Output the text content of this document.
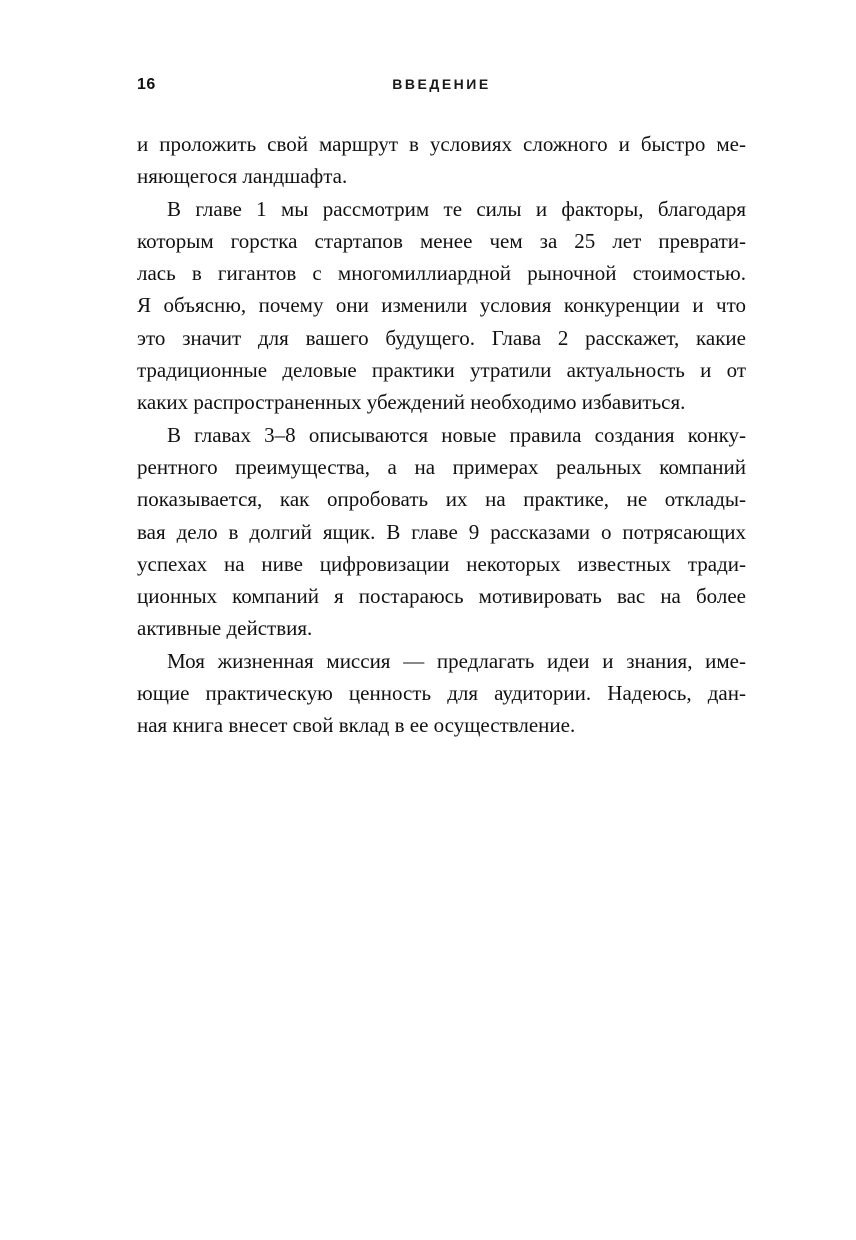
16	ВВЕДЕНИЕ
и проложить свой маршрут в условиях сложного и быстро ме-
няющегося ландшафта.
В главе 1 мы рассмотрим те силы и факторы, благодаря
которым горстка стартапов менее чем за 25 лет преврати-
лась в гигантов с многомиллиардной рыночной стоимостью.
Я объясню, почему они изменили условия конкуренции и что
это значит для вашего будущего. Глава 2 расскажет, какие
традиционные деловые практики утратили актуальность и от
каких распространенных убеждений необходимо избавиться.
В главах 3–8 описываются новые правила создания конку-
рентного преимущества, а на примерах реальных компаний
показывается, как опробовать их на практике, не отклады-
вая дело в долгий ящик. В главе 9 рассказами о потрясающих
успехах на ниве цифровизации некоторых известных тради-
ционных компаний я постараюсь мотивировать вас на более
активные действия.
Моя жизненная миссия — предлагать идеи и знания, име-
ющие практическую ценность для аудитории. Надеюсь, дан-
ная книга внесет свой вклад в ее осуществление.
